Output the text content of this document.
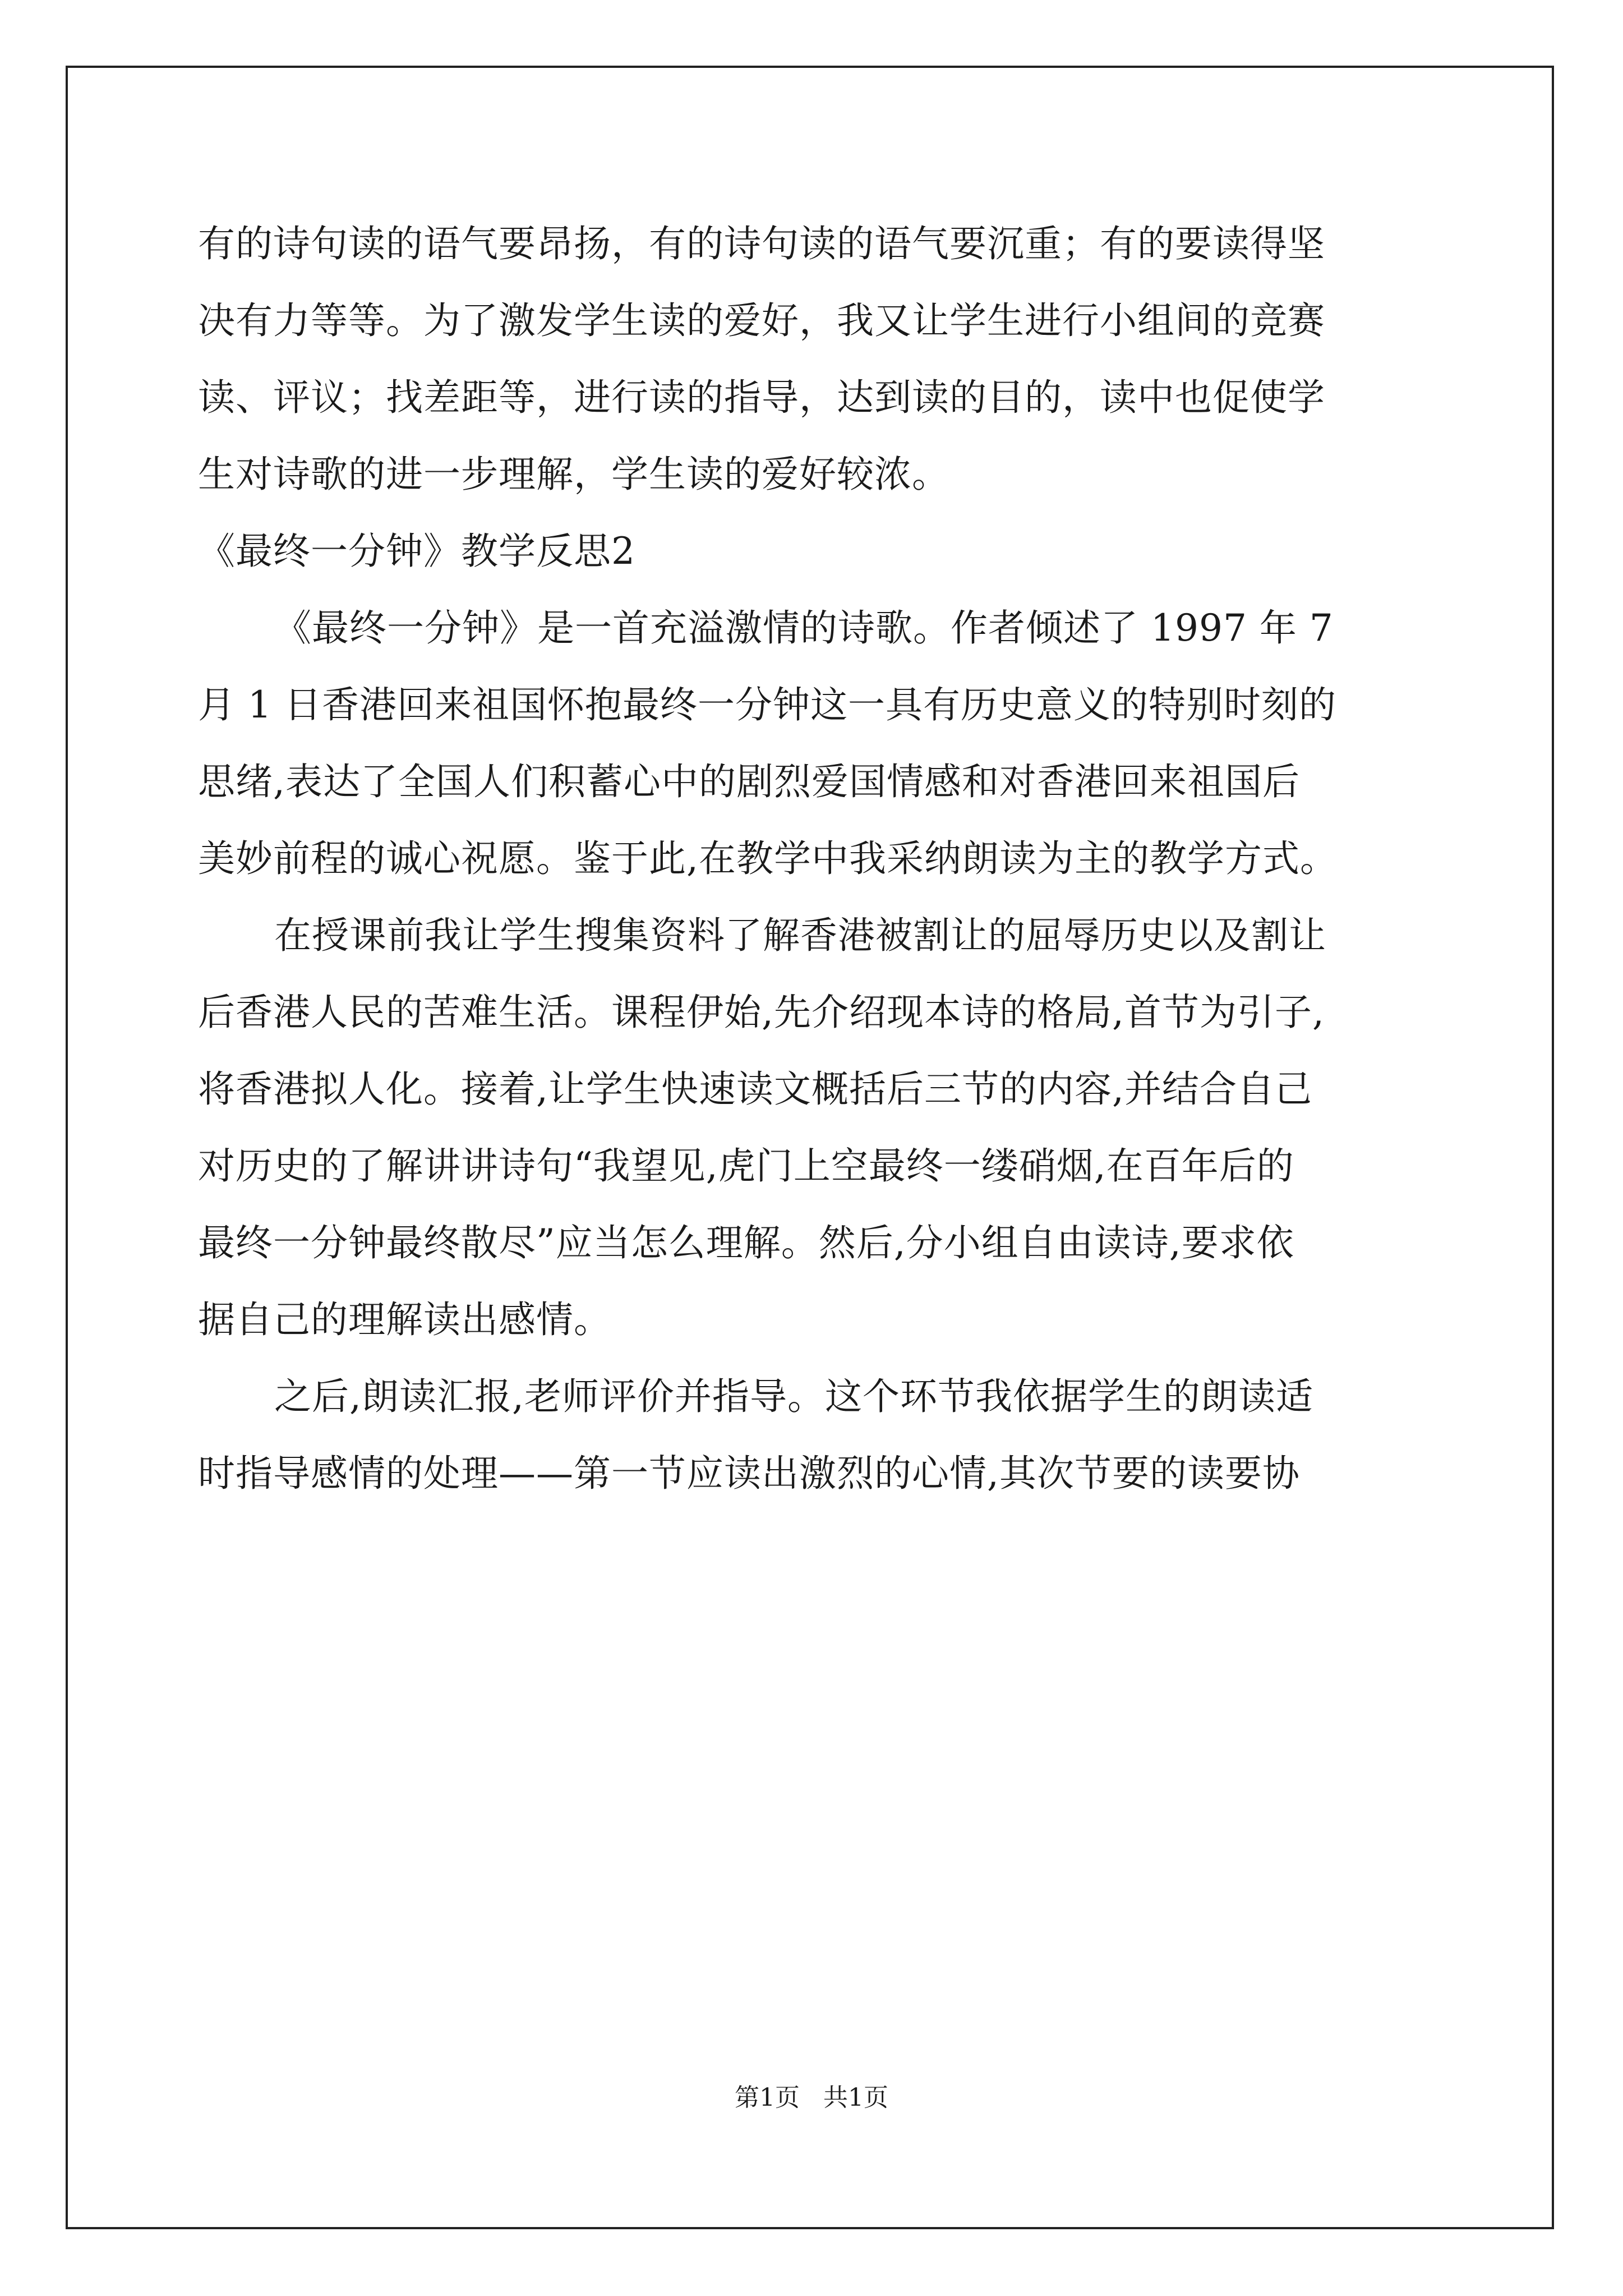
有的诗句读的语气要昂扬，有的诗句读的语气要沉重；有的要读得坚
决有力等等。为了激发学生读的爱好，我又让学生进行小组间的竞赛
读、评议；找差距等，进行读的指导，达到读的目的，读中也促使学
生对诗歌的进一步理解，学生读的爱好较浓。
《最终一分钟》教学反思2
《最终一分钟》是一首充溢激情的诗歌。作者倾述了 1997 年 7
月 1 日香港回来祖国怀抱最终一分钟这一具有历史意义的特别时刻的
思绪,表达了全国人们积蓄心中的剧烈爱国情感和对香港回来祖国后
美妙前程的诚心祝愿。鉴于此,在教学中我采纳朗读为主的教学方式。
在授课前我让学生搜集资料了解香港被割让的屈辱历史以及割让
后香港人民的苦难生活。课程伊始,先介绍现本诗的格局,首节为引子,
将香港拟人化。接着,让学生快速读文概括后三节的内容,并结合自己
对历史的了解讲讲诗句“我望见,虎门上空最终一缕硝烟,在百年后的
最终一分钟最终散尽”应当怎么理解。然后,分小组自由读诗,要求依
据自己的理解读出感情。
之后,朗读汇报,老师评价并指导。这个环节我依据学生的朗读适
时指导感情的处理——第一节应读出激烈的心情,其次节要的读要协
第1页   共1页
